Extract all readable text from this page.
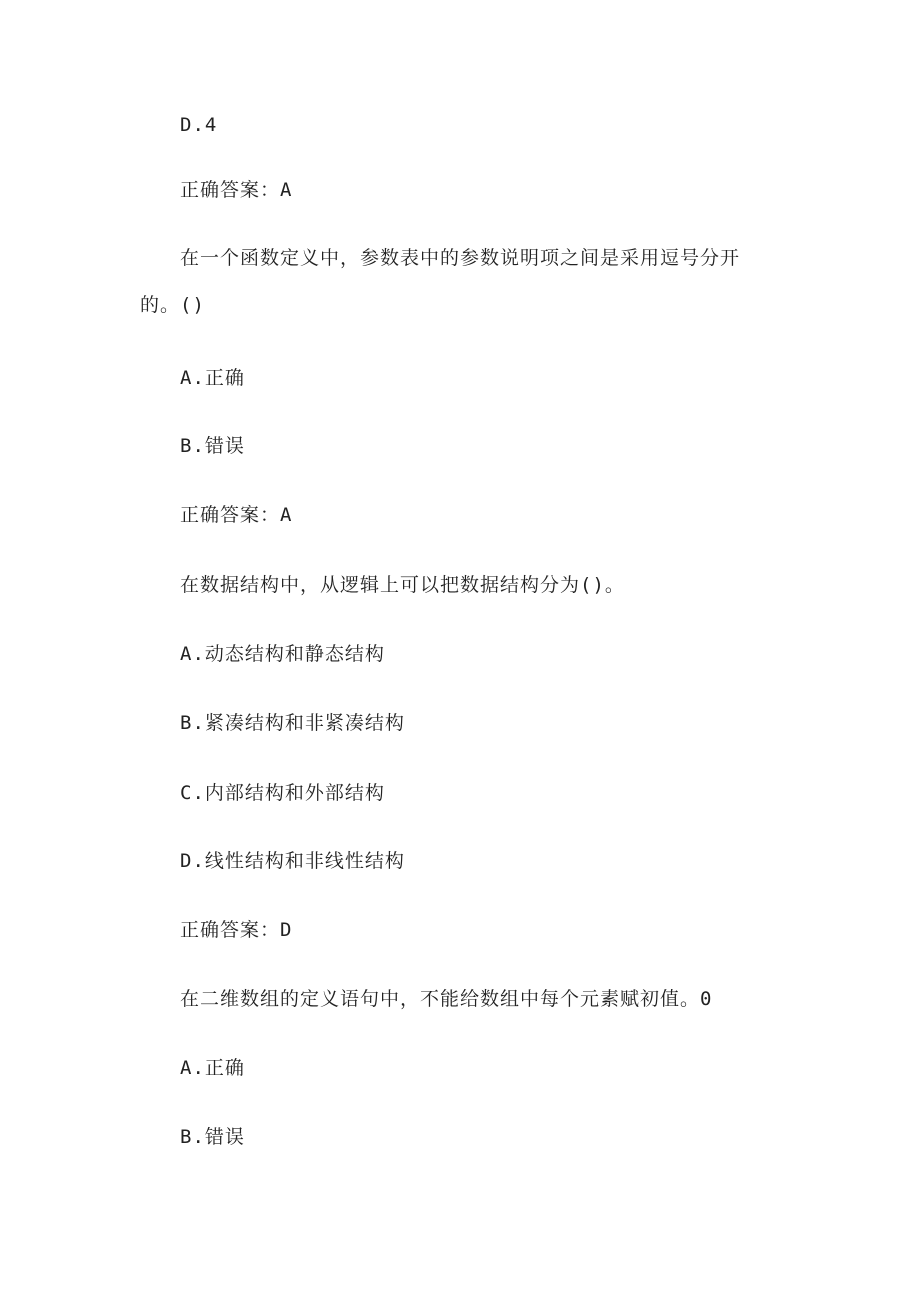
D.4
正确答案：A
在一个函数定义中，参数表中的参数说明项之间是采用逗号分开
的。()
A.正确
B.错误
正确答案：A
在数据结构中，从逻辑上可以把数据结构分为()。
A.动态结构和静态结构
B.紧凑结构和非紧凑结构
C.内部结构和外部结构
D.线性结构和非线性结构
正确答案：D
在二维数组的定义语句中，不能给数组中每个元素赋初值。0
A.正确
B.错误
